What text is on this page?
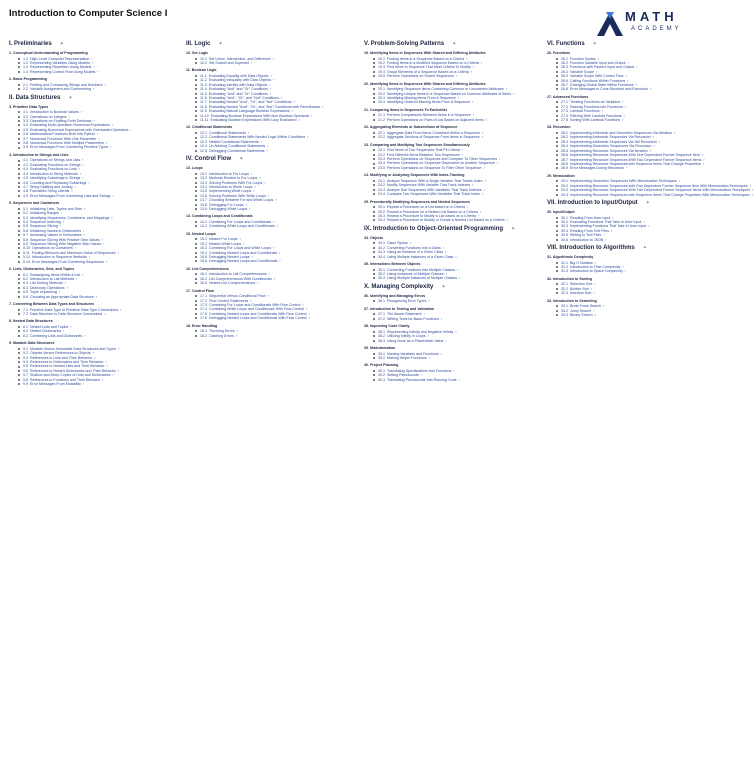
Introduction to Computer Science I	MATH
ACADEMY
I. Preliminaries ✦
1. Conceptual Understanding of Programming
1.1 High-Level Computer Representation ›
1.2 Representing Variables Using Models ›
1.3 Representing Repetition Using Models ›
1.4 Representing Control Flow Using Models ›
2. Basic Programming
2.1 Printing and Comparing Strings and Numbers ›
2.2 Variable Assignment and Commenting ›
II. Data Structures ✦
3. Primitive Data Types
3.1 Introduction to Boolean Values ›
3.2 Operations on Integers ›
3.3 Operations on Floating-Point Decimals ›
3.4 Evaluating Multi-Operation Numerical Expressions ›
3.5 Evaluating Numerical Expressions with Overloaded Operators ›
3.6 Mathematical Functions Built Into Python ›
3.7 Numerical Functions With One Parameter ›
3.8 Numerical Functions With Multiple Parameters ›
3.9 Error Messages From Combining Primitive Types ›
4. Introduction to Strings and Lists
4.1 Operations on Strings and Lists ›
4.2 Evaluating Functions on Strings ›
4.3 Evaluating Functions on Lists ›
4.4 Introduction to String Methods ›
4.5 Identifying Substrings in Strings ›
4.6 Counting and Replacing Substrings ›
4.7 String Splitting and Joining ›
4.8 Formatted String Literals ›
4.9 Error Messages From Combining Lists and Strings ›
5. Sequences and Containers
5.1 Initializing Lists, Tuples and Sets ›
5.2 Initializing Ranges ›
5.3 Identifying Sequences, Containers, and Mappings ›
5.4 Sequence Indexing ›
5.5 Sequence Slicing ›
5.6 Initializing Values in Dictionaries ›
5.7 Accessing Values in Dictionaries ›
5.8 Sequence Slicing With Positive Step Values ›
5.9 Sequence Slicing With Negative Step Values ›
5.10 Operations on Containers ›
5.11 Finding Minimum and Maximum Value of Sequences ›
5.12 Introduction to Sequence Methods ›
5.13 Error Messages From Combining Sequences ›
6. Lists, Dictionaries, Sets, and Tuples
6.1 Reassigning Items Within a List ›
6.2 Introduction to List Methods ›
6.3 List Sorting Methods ›
6.4 Dictionary Operations ›
6.5 Tuple Unpacking ›
6.6 Choosing an Appropriate Data Structure ›
7. Converting Between Data Types and Structures
7.1 Primitive Data Type to Primitive Data Type Conversions ›
7.2 Data Structure to Data Structure Conversions ›
8. Nested Data Structures
8.1 Nested Lists and Tuples ›
8.2 Nested Dictionaries ›
8.3 Combining Lists and Dictionaries ›
9. Mutable Data Structures
9.1 Mutable Versus Immutable Data Structures and Types ›
9.2 Objects Versus References to Objects ›
9.3 References to Lists and Their Behavior ›
9.4 References to Dictionaries and Their Behavior ›
9.5 References to Nested Lists and Their Behavior ›
9.6 References to Nested Dictionaries and Their Behavior ›
9.7 Shallow and Deep Copies of Lists and Dictionaries ›
9.8 References to Functions and Their Behavior ›
9.9 Error Messages From Mutability ›
III. Logic ✦
10. Set Logic
10.1 Set Union, Intersection, and Difference ›
10.2 Set Subset and Superset ›
11. Boolean Logic
11.1 Evaluating Equality with Data Objects ›
11.2 Evaluating Inequality with Data Objects ›
11.3 Evaluating Identity with Data Objects ›
11.4 Evaluating "And" and "Or" Conditions ›
11.5 Evaluating "And" and "Or" Conditions ›
11.6 Evaluating "And", "Or", and "Not" Conditions ›
11.7 Evaluating Nested "And", "Or", and "Not" Conditions ›
11.8 Evaluating Nested "And", "Or", and "Not" Conditions with Parentheses ›
11.9 Evaluating Natural Language Boolean Expressions ›
11.10 Evaluating Boolean Expressions With Non-Boolean Operands ›
11.11 Evaluating Boolean Expressions With Lazy Evaluation ›
12. Conditional Statements
12.1 Conditional Statements ›
12.2 Conditional Statements With Nested Logic Within Conditions ›
12.3 Nested Conditional Statements ›
12.4 Un-Nesting Conditional Statements ›
12.5 Debugging Conditional Statements ›
IV. Control Flow ✦
13. Loops
13.1 Introduction to For Loops ›
13.2 Methods Related to For Loops ›
13.3 Solving Problems With For Loops ›
13.4 Introduction to While Loops ›
13.5 Implementing While Loops ›
13.6 Solving Problems With While Loops ›
13.7 Choosing Between For and While Loops ›
13.8 Debugging For Loops ›
13.9 Debugging While Loops ›
14. Combining Loops and Conditionals
14.1 Combining For Loops and Conditionals ›
14.2 Combining While Loops and Conditionals ›
15. Nested Loops
15.1 Nested For Loops ›
15.2 Nested While Loops ›
15.3 Combining For Loops and While Loops ›
15.4 Combining Nested Loops and Conditionals ›
15.5 Debugging Nested Loops ›
15.6 Debugging Nested Loops and Conditionals ›
16. List Comprehensions
16.1 Introduction to List Comprehensions ›
16.2 List Comprehensions With Conditionals ›
16.3 Nested List Comprehensions ›
17. Control Flow
17.1 Sequential Versus Conditional Flow ›
17.2 Flow Control Statements ›
17.3 Combining For Loops and Conditionals With Flow Control ›
17.4 Combining While Loops and Conditionals With Flow Control ›
17.5 Combining Nested Loops and Conditionals With Flow Control ›
17.6 Debugging Nested Loops and Conditionals With Flow Control ›
18. Error Handling
18.1 Throwing Errors ›
18.2 Catching Errors ›
V. Problem-Solving Patterns ✦
19. Identifying Items in Sequences With Shared and Differing Attributes
19.1 Finding Items in a Sequence Based on a Criteria ›
19.2 Finding Items in a Modified Sequence Based on a Criteria ›
19.3 Find Items in Sequence That Meet Criteria To Modify ›
19.4 Group Elements of a Sequence Based on a Criteria ›
19.5 Perform Operations on Sorted Sequences ›
20. Identifying Items in Sequences With Shared and Differing Attributes
20.1 Identifying Sequence Items Containing Common or Uncommon Attributes ›
20.2 Identifying Unique Items in a Sequence Based on Common Attributes of Items ›
20.3 Identifying Missing Items From A Sequence ›
20.4 Identifying Ordered Missing Items From A Sequence ›
21. Comparing Items in Sequences To Eachother
21.1 Perform Comparisons Between Items in a Sequence ›
21.2 Perform Operations on Pairs of List Based on Adjacent Items ›
22. Aggregating Elements or Subsections of Sequence
22.1 Aggregate Data From Items Contained Within a Sequence ›
22.2 Aggregate Sections of Sequence From Items in Sequence ›
23. Comparing and Modifying Two Sequences Simultaneously
23.1 Find Items of Two Sequences That Fit Criteria ›
23.2 Find Different Items Between Two Sequences ›
23.3 Perform Operations on Sequence and Compare To Other Sequences ›
23.4 Perform Operations on Sequence Dependent on Another Sequence ›
23.5 Perform Operations on Sequence To Filter Other Sequence ›
24. Modifying or Analyzing Sequences With Index-Tracking
24.1 Analyze Sequence With a Single Variable That Tracks Index ›
24.2 Modify Sequences With Variable That Track Indexes ›
24.3 Analyze Sub Sequences With Variables That Track Indexes ›
24.4 Compare Two Sequences With Variables That Track Index ›
25. Procedurally Modifying Sequences and Nested Sequences
25.1 Repeat a Procedure on a List based on a Criteria ›
25.2 Repeat a Procedure on a Nested List Based on a Criteria ›
25.3 Repeat a Procedure to Modify a List based on a Criteria ›
25.4 Repeat a Procedure to Modify or Create a Nested List Based on a Criteria ›
IX. Introduction to Object-Oriented Programming ✦
34. Objects
34.1 Class Syntax ›
34.2 Converting Functions into a Class ›
34.3 Using an Instance of a Given Class ›
34.4 Using Multiple Instances of a Given Class ›
35. Interactions Between Objects
35.1 Converting Functions Into Multiple Classes ›
35.2 Using Instances of Multiple Classes ›
35.3 Using Multiple Instances of Multiple Classes ›
X. Managing Complexity ✦
36. Identifying and Managing Errors
36.1 Recognizing Error Types ›
37. Introduction to Testing and Validation
37.1 The Assert Statement ›
37.2 Writing Tests for Basic Functions ›
38. Improving Code Clarity
38.1 Representing Infinity and Negative Infinity ›
38.2 Utilizing Infinity in Loops ›
38.3 Using None as a Placeholder Value ›
39. Modularization
39.1 Naming Variables and Functions ›
39.2 Making Helper Functions ›
40. Project Planning
40.1 Translating Specifications Into Functions ›
40.2 Writing Pseudocode ›
40.3 Translating Pseudocode Into Running Code ›
VI. Functions ✦
26. Functions
26.1 Function Syntax ›
26.2 Function Variable Input and Output ›
26.3 Functions with Packed Input and Output ›
26.4 Variable Scope ›
26.5 Variable Scope With Control Flow ›
26.6 Calling Functions Within Functions ›
26.7 Changing Global State Within Functions ›
26.8 Error Messages in Code Structure and Execution ›
27. Advanced Functions
27.1 Treating Functions as Variables ›
27.2 Passing Functions into Functions ›
27.3 Lambda Functions ›
27.4 Filtering With Lambda Functions ›
27.5 Sorting With Lambda Functions ›
28. Recursion
28.1 Implementing Arithmetic and Geometric Sequences Via Iteration ›
28.2 Implementing Arithmetic Sequences Via Recursion ›
28.3 Implementing Arithmetic Sequences Via Tail Recursion ›
28.4 Implementing Geometric Sequences Via Recursion ›
28.5 Implementing Recursive Sequences Via Iteration ›
28.6 Implementing Recursive Sequences With One Dependent Former Sequence Item ›
28.7 Implementing Recursive Sequences With Two Dependent Former Sequence Items ›
28.8 Implementing Recursive Sequences with Sequence Items That Change Properties ›
28.9 Error Messages During Recursion ›
29. Memoization
29.1 Implementing Geometric Sequences With Memoization Techniques ›
29.2 Implementing Recursive Sequences with One Dependent Former Sequence Item With Memoization Techniques ›
29.3 Implementing Recursive Sequences With Two Dependent Former Sequence Items With Memoization Techniques
29.4 Implementing Recursive Sequences with Sequence Items That Change Properties With Memoization Techniques ›
VII. Introduction to Input/Output ✦
30. Input/Output
30.1 Reading From User Input ›
30.2 Evaluating Functions That Take in User Input ›
30.3 Implementing Functions That Take in User Input ›
30.4 Reading From Text Files ›
30.5 Writing to Text Files ›
30.6 Introduction to JSON ›
VIII. Introduction to Algorithms ✦
31. Algorithmic Complexity
31.1 Big O Notation ›
31.2 Introduction to Time Complexity ›
31.3 Introduction to Space Complexity ›
32. Introduction to Sorting
32.1 Selection Sort ›
32.2 Bubble Sort ›
32.3 Insertion Sort ›
33. Introduction to Searching
33.1 Brute Force Search ›
33.2 Jump Search ›
33.3 Binary Search ›
